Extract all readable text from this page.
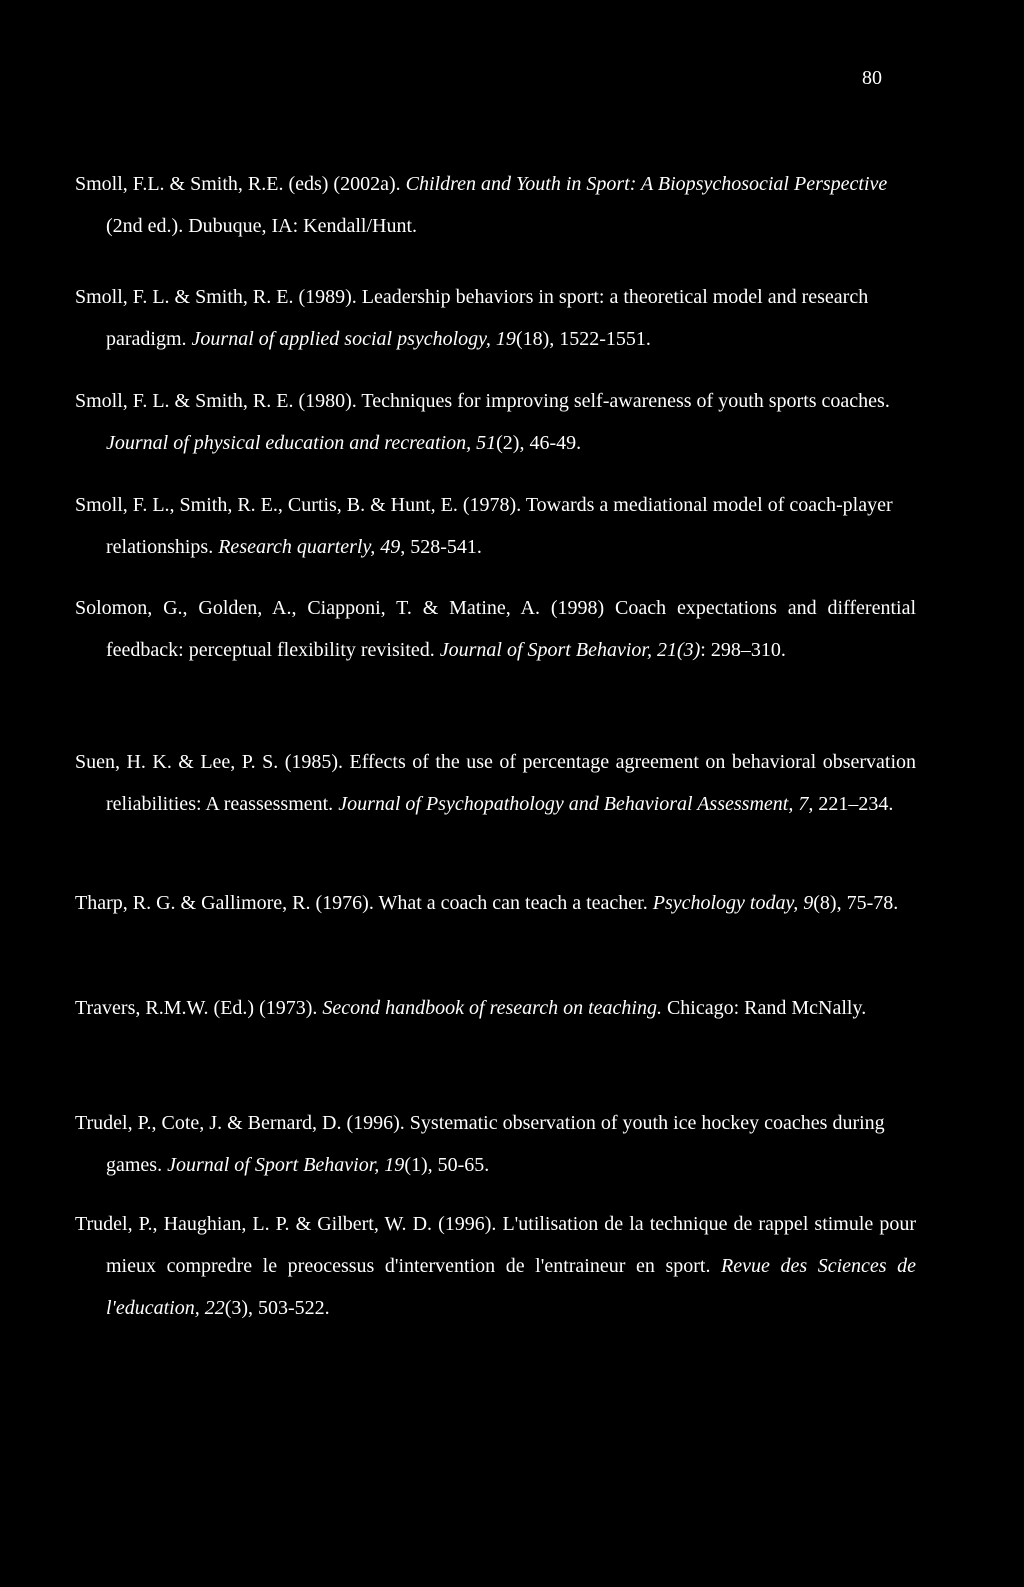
80

Smoll, F.L. & Smith, R.E. (eds) (2002a). Children and Youth in Sport: A Biopsychosocial Perspective (2nd ed.). Dubuque, IA: Kendall/Hunt.

Smoll, F. L. & Smith, R. E. (1989). Leadership behaviors in sport: a theoretical model and research paradigm. Journal of applied social psychology, 19(18), 1522-1551.

Smoll, F. L. & Smith, R. E. (1980). Techniques for improving self-awareness of youth sports coaches. Journal of physical education and recreation, 51(2), 46-49.

Smoll, F. L., Smith, R. E., Curtis, B. & Hunt, E. (1978). Towards a mediational model of coach-player relationships. Research quarterly, 49, 528-541.

Solomon, G., Golden, A., Ciapponi, T. & Matine, A. (1998) Coach expectations and differential feedback: perceptual flexibility revisited. Journal of Sport Behavior, 21(3): 298–310.

Suen, H. K. & Lee, P. S. (1985). Effects of the use of percentage agreement on behavioral observation reliabilities: A reassessment. Journal of Psychopathology and Behavioral Assessment, 7, 221–234.

Tharp, R. G. & Gallimore, R. (1976). What a coach can teach a teacher. Psychology today, 9(8), 75-78.

Travers, R.M.W. (Ed.) (1973). Second handbook of research on teaching. Chicago: Rand McNally.

Trudel, P., Cote, J. & Bernard, D. (1996). Systematic observation of youth ice hockey coaches during games. Journal of Sport Behavior, 19(1), 50-65.

Trudel, P., Haughian, L. P. & Gilbert, W. D. (1996). L'utilisation de la technique de rappel stimule pour mieux compredre le preocessus d'intervention de l'entraineur en sport. Revue des Sciences de l'education, 22(3), 503-522.
